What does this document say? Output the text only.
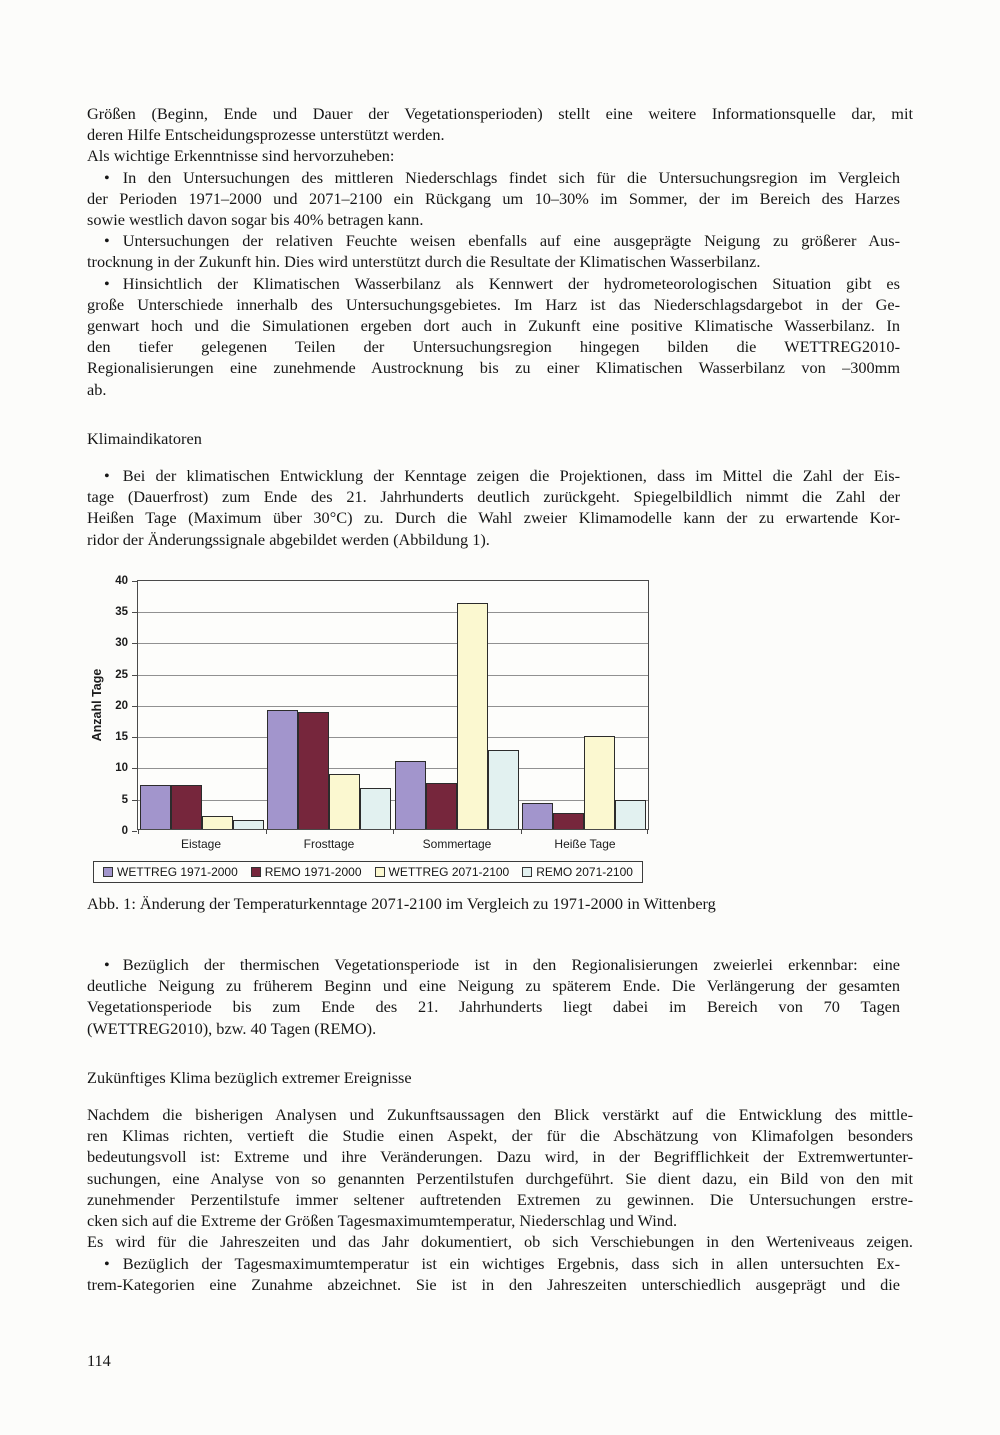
Größen (Beginn, Ende und Dauer der Vegetationsperioden) stellt eine weitere Informationsquelle dar, mit
deren Hilfe Entscheidungsprozesse unterstützt werden.
Als wichtige Erkenntnisse sind hervorzuheben:
• In den Untersuchungen des mittleren Niederschlags findet sich für die Untersuchungsregion im Vergleich
der Perioden 1971–2000 und 2071–2100 ein Rückgang um 10–30% im Sommer, der im Bereich des Harzes
sowie westlich davon sogar bis 40% betragen kann.
• Untersuchungen der relativen Feuchte weisen ebenfalls auf eine ausgeprägte Neigung zu größerer Aus-
trocknung in der Zukunft hin. Dies wird unterstützt durch die Resultate der Klimatischen Wasserbilanz.
• Hinsichtlich der Klimatischen Wasserbilanz als Kennwert der hydrometeorologischen Situation gibt es
große Unterschiede innerhalb des Untersuchungsgebietes. Im Harz ist das Niederschlagsdargebot in der Ge-
genwart hoch und die Simulationen ergeben dort auch in Zukunft eine positive Klimatische Wasserbilanz. In
den tiefer gelegenen Teilen der Untersuchungsregion hingegen bilden die WETTREG2010-
Regionalisierungen eine zunehmende Austrocknung bis zu einer Klimatischen Wasserbilanz von –300mm
ab.
Klimaindikatoren
• Bei der klimatischen Entwicklung der Kenntage zeigen die Projektionen, dass im Mittel die Zahl der Eis-
tage (Dauerfrost) zum Ende des 21. Jahrhunderts deutlich zurückgeht. Spiegelbildlich nimmt die Zahl der
Heißen Tage (Maximum über 30°C) zu. Durch die Wahl zweier Klimamodelle kann der zu erwartende Kor-
ridor der Änderungssignale abgebildet werden (Abbildung 1).
Anzahl Tage
0
5
10
15
20
25
30
35
40
Eistage	Frosttage	Sommertage	Heiße Tage
WETTREG 1971-2000 REMO 1971-2000 WETTREG 2071-2100 REMO 2071-2100
Abb. 1: Änderung der Temperaturkenntage 2071-2100 im Vergleich zu 1971-2000 in Wittenberg
• Bezüglich der thermischen Vegetationsperiode ist in den Regionalisierungen zweierlei erkennbar: eine
deutliche Neigung zu früherem Beginn und eine Neigung zu späterem Ende. Die Verlängerung der gesamten
Vegetationsperiode bis zum Ende des 21. Jahrhunderts liegt dabei im Bereich von 70 Tagen
(WETTREG2010), bzw. 40 Tagen (REMO).
Zukünftiges Klima bezüglich extremer Ereignisse
Nachdem die bisherigen Analysen und Zukunftsaussagen den Blick verstärkt auf die Entwicklung des mittle-
ren Klimas richten, vertieft die Studie einen Aspekt, der für die Abschätzung von Klimafolgen besonders
bedeutungsvoll ist: Extreme und ihre Veränderungen. Dazu wird, in der Begrifflichkeit der Extremwertunter-
suchungen, eine Analyse von so genannten Perzentilstufen durchgeführt. Sie dient dazu, ein Bild von den mit
zunehmender Perzentilstufe immer seltener auftretenden Extremen zu gewinnen. Die Untersuchungen erstre-
cken sich auf die Extreme der Größen Tagesmaximumtemperatur, Niederschlag und Wind.
Es wird für die Jahreszeiten und das Jahr dokumentiert, ob sich Verschiebungen in den Werteniveaus zeigen.
• Bezüglich der Tagesmaximumtemperatur ist ein wichtiges Ergebnis, dass sich in allen untersuchten Ex-
trem-Kategorien eine Zunahme abzeichnet. Sie ist in den Jahreszeiten unterschiedlich ausgeprägt und die
114
